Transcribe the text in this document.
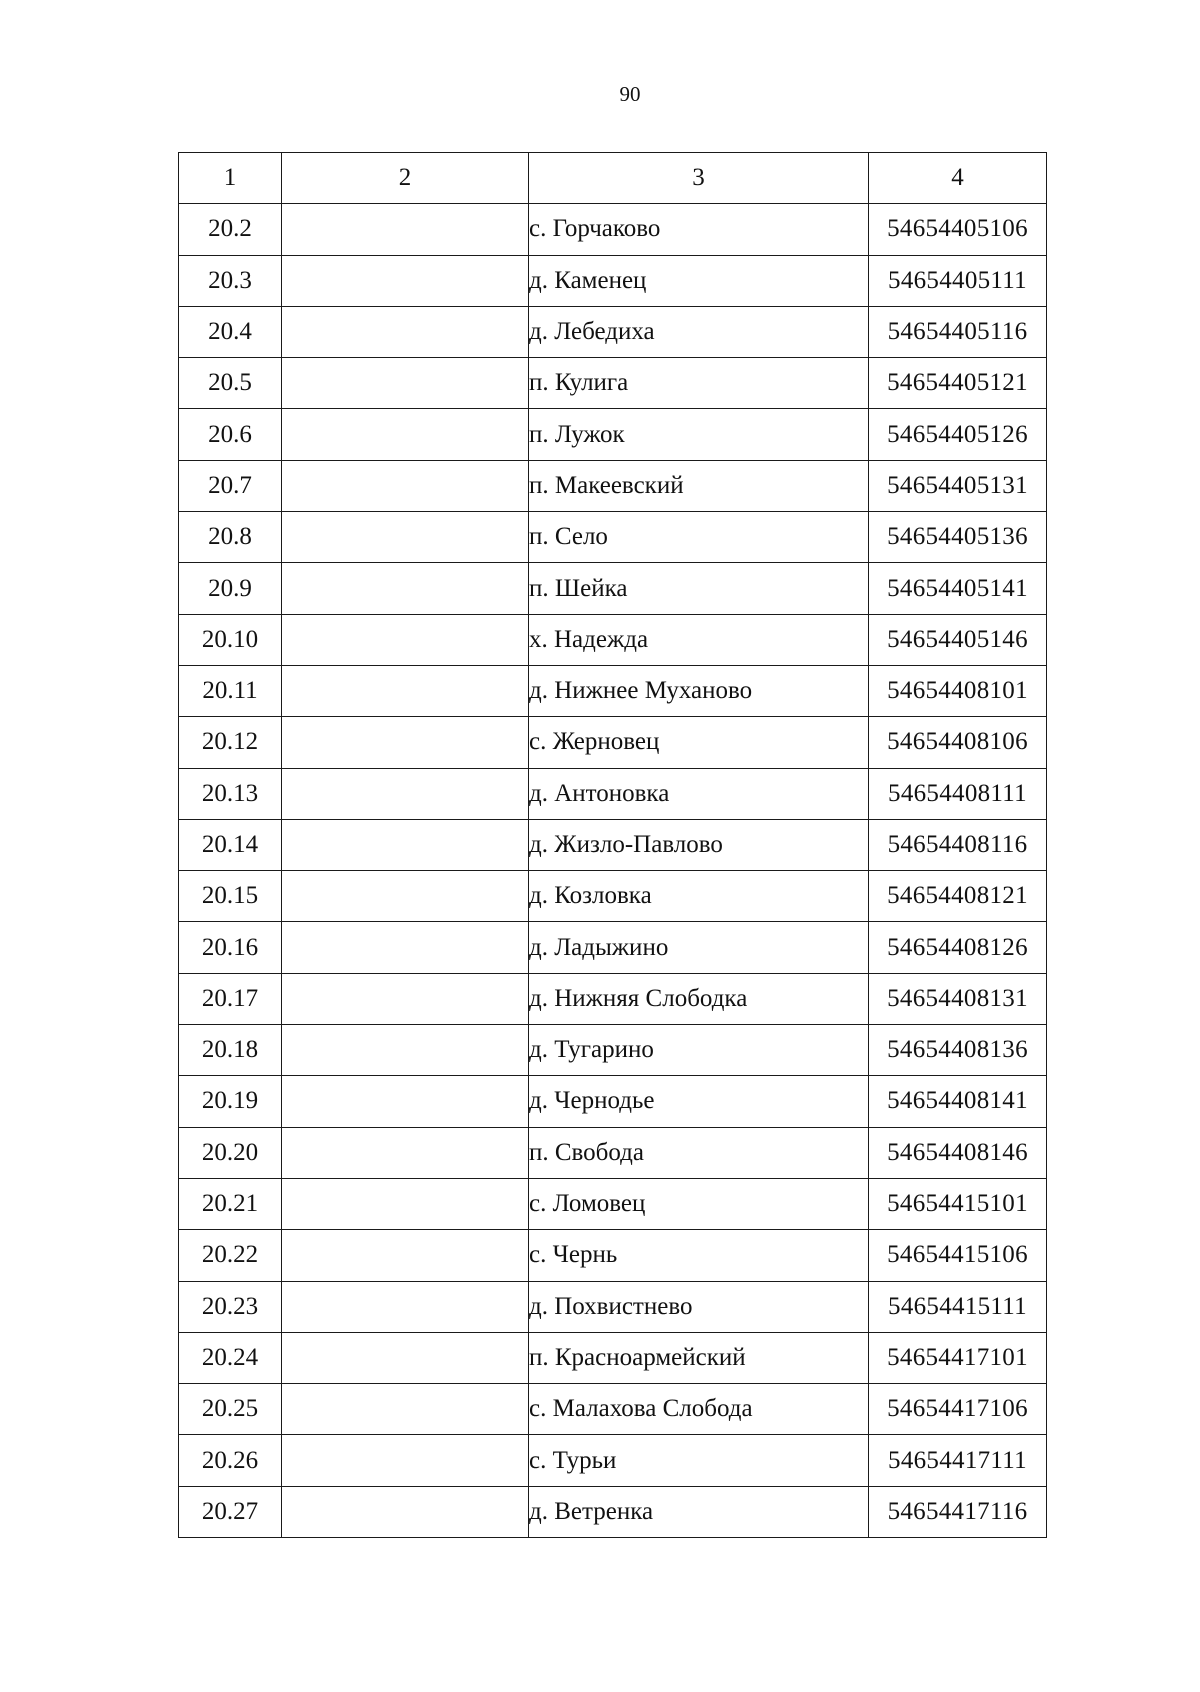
90
1	2	3	4
20.2		с. Горчаково	54654405106
20.3		д. Каменец	54654405111
20.4		д. Лебедиха	54654405116
20.5		п. Кулига	54654405121
20.6		п. Лужок	54654405126
20.7		п. Макеевский	54654405131
20.8		п. Село	54654405136
20.9		п. Шейка	54654405141
20.10		х. Надежда	54654405146
20.11		д. Нижнее Муханово	54654408101
20.12		с. Жерновец	54654408106
20.13		д. Антоновка	54654408111
20.14		д. Жизло-Павлово	54654408116
20.15		д. Козловка	54654408121
20.16		д. Ладыжино	54654408126
20.17		д. Нижняя Слободка	54654408131
20.18		д. Тугарино	54654408136
20.19		д. Чернодье	54654408141
20.20		п. Свобода	54654408146
20.21		с. Ломовец	54654415101
20.22		с. Чернь	54654415106
20.23		д. Похвистнево	54654415111
20.24		п. Красноармейский	54654417101
20.25		с. Малахова Слобода	54654417106
20.26		с. Турьи	54654417111
20.27		д. Ветренка	54654417116
